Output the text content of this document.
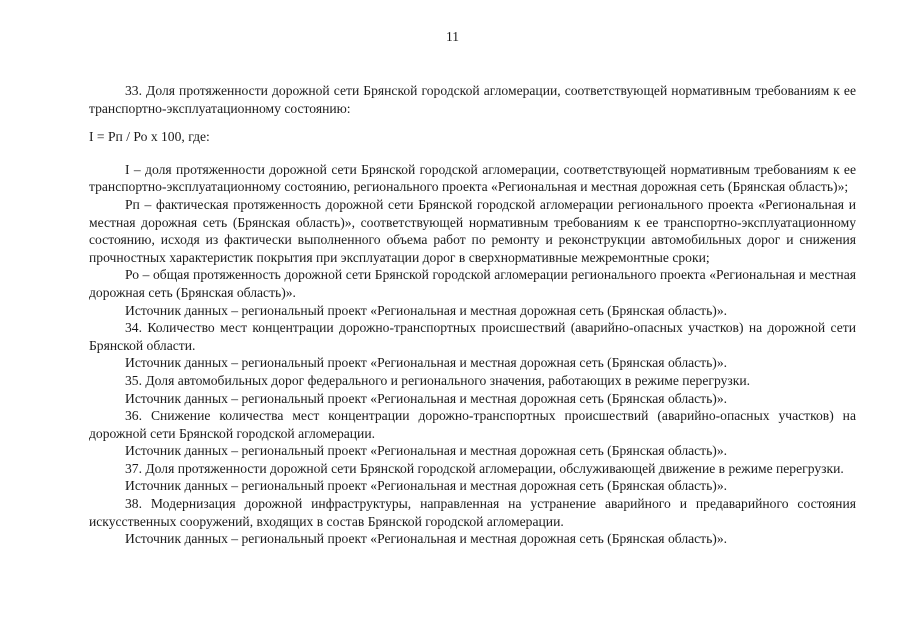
11

33. Доля протяженности дорожной сети Брянской городской агломерации, соответствующей нормативным требованиям к ее транспортно-эксплуатационному состоянию:

I = Рп / Ро х 100, где:

I – доля протяженности дорожной сети Брянской городской агломерации, соответствующей нормативным требованиям к ее транспортно-эксплуатационному состоянию, регионального проекта «Региональная и местная дорожная сеть (Брянская область)»;

Рп – фактическая протяженность дорожной сети Брянской городской агломерации регионального проекта «Региональная и местная дорожная сеть (Брянская область)», соответствующей нормативным требованиям к ее транспортно-эксплуатационному состоянию, исходя из фактически выполненного объема работ по ремонту и реконструкции автомобильных дорог и снижения прочностных характеристик покрытия при эксплуатации дорог в сверхнормативные межремонтные сроки;

Ро – общая протяженность дорожной сети Брянской городской агломерации регионального проекта «Региональная и местная дорожная сеть (Брянская область)».

Источник данных – региональный проект «Региональная и местная дорожная сеть (Брянская область)».

34. Количество мест концентрации дорожно-транспортных происшествий (аварийно-опасных участков) на дорожной сети Брянской области.

Источник данных – региональный проект «Региональная и местная дорожная сеть (Брянская область)».

35. Доля автомобильных дорог федерального и регионального значения, работающих в режиме перегрузки.

Источник данных – региональный проект «Региональная и местная дорожная сеть (Брянская область)».

36. Снижение количества мест концентрации дорожно-транспортных происшествий (аварийно-опасных участков) на дорожной сети Брянской городской агломерации.

Источник данных – региональный проект «Региональная и местная дорожная сеть (Брянская область)».

37. Доля протяженности дорожной сети Брянской городской агломерации, обслуживающей движение в режиме перегрузки.

Источник данных – региональный проект «Региональная и местная дорожная сеть (Брянская область)».

38. Модернизация дорожной инфраструктуры, направленная на устранение аварийного и предаварийного состояния искусственных сооружений, входящих в состав Брянской городской агломерации.

Источник данных – региональный проект «Региональная и местная дорожная сеть (Брянская область)».
